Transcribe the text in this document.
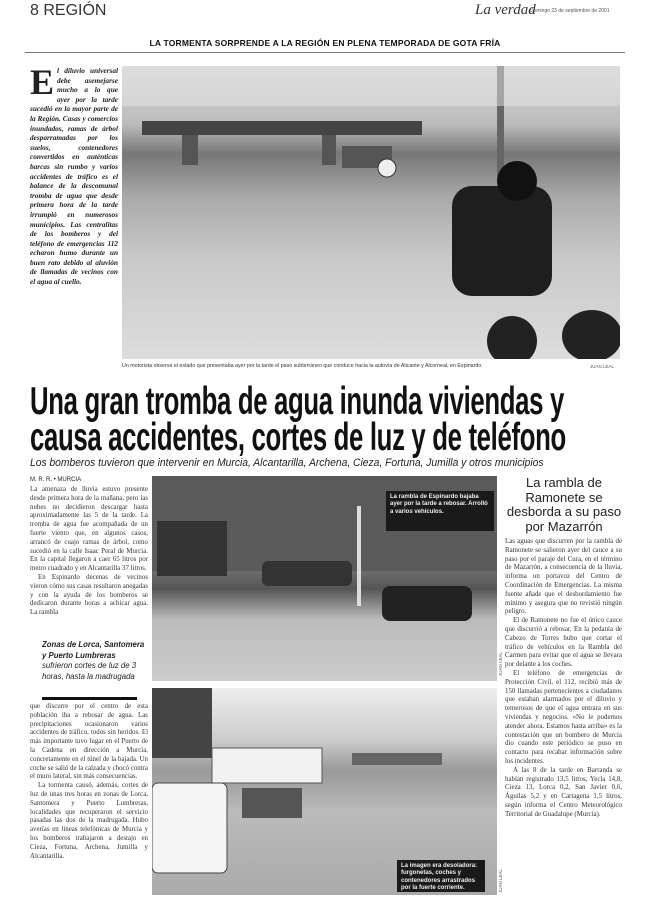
8 REGIÓN	La verdad
Domingo 23 de septiembre de 2001
LA TORMENTA SORPRENDE A LA REGIÓN EN PLENA TEMPORADA DE GOTA FRÍA
El diluvio universal debe asemejarse mucho a lo que ayer por la tarde sucedió en la mayor parte de la Región. Casas y comercios inundados, ramas de árbol desparramadas por los suelos, contenedores convertidos en auténticas barcas sin rumbo y varios accidentes de tráfico es el balance de la descomunal tromba de agua que desde primera hora de la tarde irrumpió en numerosos municipios. Las centralitas de los bomberos y del teléfono de emergencias 112 echaron humo durante un buen rato debido al aluvión de llamadas de vecinos con el agua al cuello.
Un motorista observa el estado que presentaba ayer por la tarde el paso subterráneo que conduce hacia la autovía de Alicante y Alcorneal, en Espinardo.	JUAN LEAL
Una gran tromba de agua inunda viviendas y
causa accidentes, cortes de luz y de teléfono
Los bomberos tuvieron que intervenir en Murcia, Alcantarilla, Archena, Cieza, Fortuna, Jumilla y otros municipios
M. R. R. • MURCIA

La amenaza de lluvia estuvo presente desde primera hora de la mañana, pero las nubes no decidieron descargar hasta aproximadamente las 5 de la tarde. La tromba de agua fue acompañada de un fuerte viento que, en algunos casos, arrancó de cuajo ramas de árbol, como sucedió en la calle Isaac Peral de Murcia. En la capital llegaron a caer 65 litros por metro cuadrado y en Alcantarilla 37 litros.

En Espinardo decenas de vecinos vieron cómo sus casas resultaron anegadas y con la ayuda de los bomberos se dedicaron durante horas a achicar agua. La rambla

Zonas de Lorca, Santomera y Puerto Lumbreras sufrieron cortes de luz de 3 horas, hasta la madrugada

que discurre por el centro de esta población iba a rebosar de agua. Las precipitaciones ocasionaron varios accidentes de tráfico, todos sin heridos. El más importante tuvo lugar en el Puerto de la Cadena en dirección a Murcia, concretamente en el túnel de la bajada. Un coche se salió de la calzada y chocó contra el muro lateral, sin más consecuencias.

La tormenta causó, además, cortes de luz de unas tres horas en zonas de Lorca, Santomera y Puerto Lumbreras, localidades que recuperaron el servicio pasadas las dos de la madrugada. Hubo averías en líneas telefónicas de Murcia y los bomberos trabajaron a destajo en Cieza, Fortuna, Archena, Jumilla y Alcantarilla.

La rambla de Espinardo bajaba ayer por la tarde a rebosar. Arrolló a varios vehículos.
JUAN LEAL
La imagen era desoladora: furgonetas, coches y contenedores arrastrados por la fuerte corriente.	JUAN LEAL
La rambla de Ramonete se desborda a su paso por Mazarrón

Las aguas que discurren por la rambla de Ramonete se salieron ayer del cauce a su paso por el paraje del Cura, en el término de Mazarrón, a consecuencia de la lluvia, informa un portavoz del Centro de Coordinación de Emergencias. La misma fuente añade que el desbordamiento fue mínimo y asegura que no revistió ningún peligro.

El de Ramonete no fue el único cauce que discurrió a rebosar. En la pedanía de Cabezo de Torres hubo que cortar el tráfico de vehículos en la Rambla del Carmen para evitar que el agua se llevara por delante a los coches.

El teléfono de emergencias de Protección Civil, el 112, recibió más de 150 llamadas pertenecientes a ciudadanos que estaban alarmados por el diluvio y temerosos de que el agua entrara en sus viviendas y negocios. «No le podemos atender ahora. Estamos hasta arriba» es la contestación que un bombero de Murcia dio cuando este periódico se puso en contacto para recabar información sobre los incidentes.

A las 8 de la tarde en Barranda se habían registrado 13,5 litros, Yecla 14,8, Cieza 13, Lorca 0,2, San Javier 0,6, Águilas 5,2 y en Cartagena 1,5 litros, según informa el Centro Meteorológico Territorial de Guadalupe (Murcia).
